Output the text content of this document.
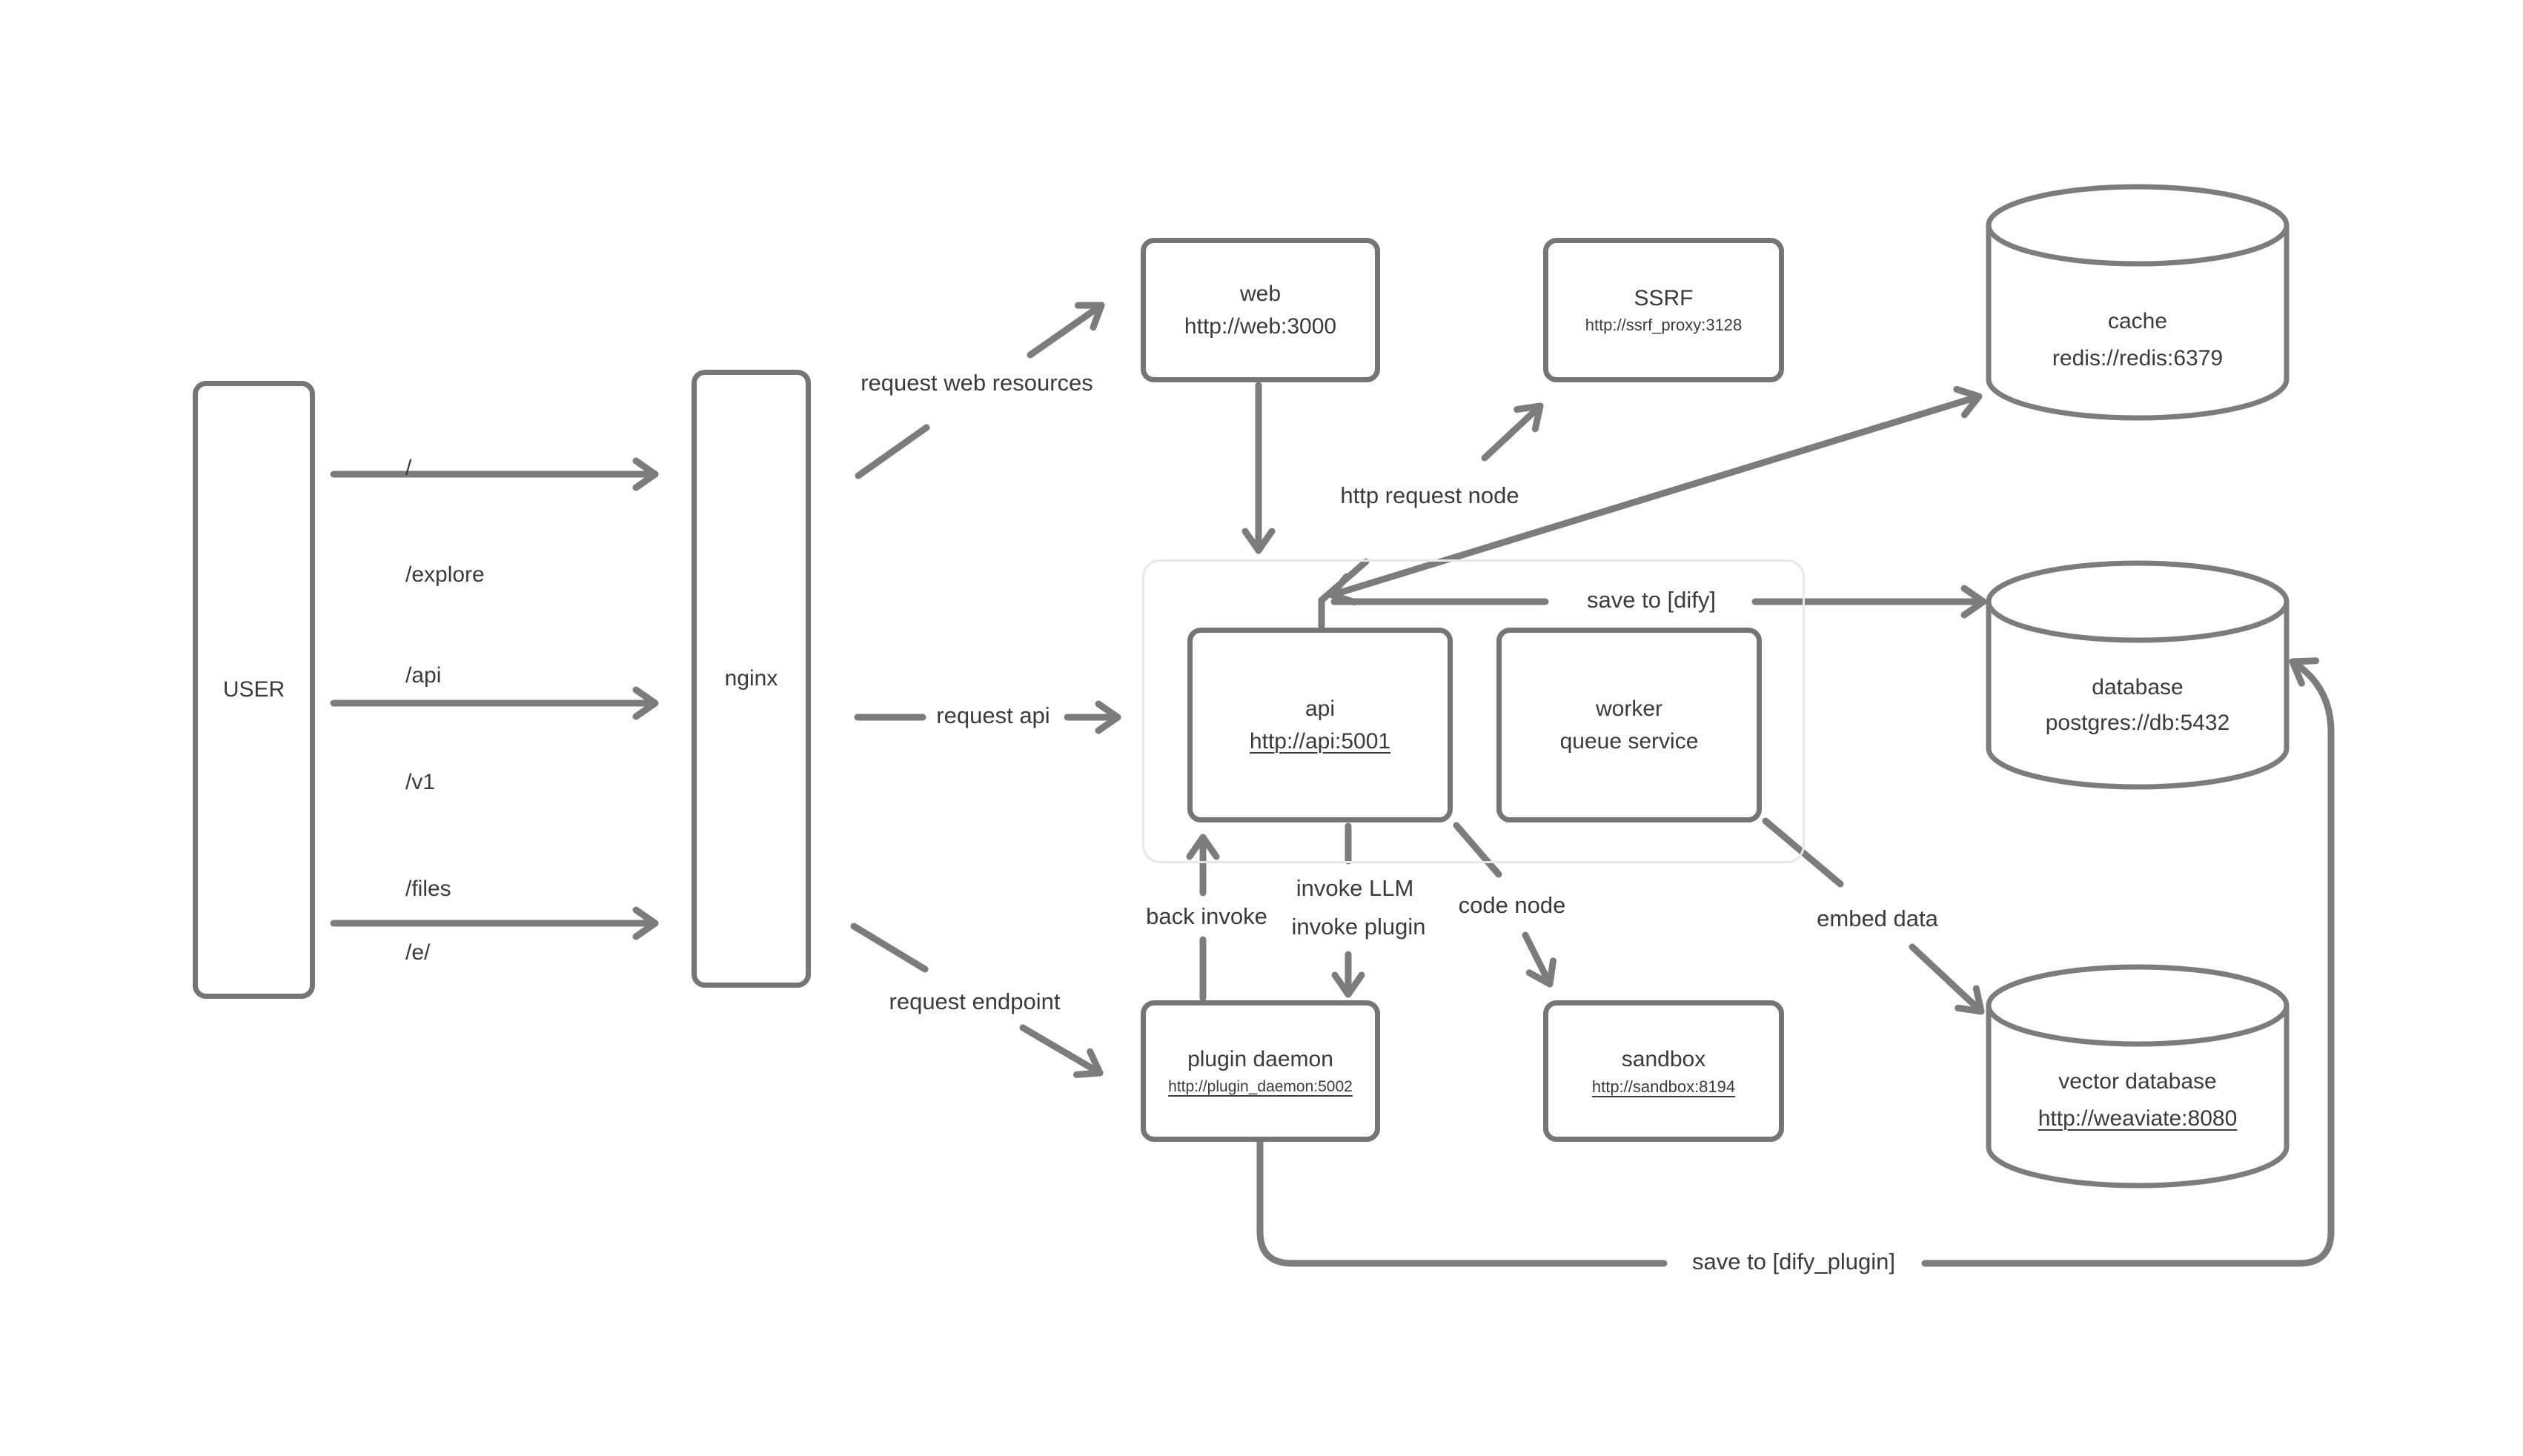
USER	nginx
web
http://web:3000
SSRF
http://ssrf_proxy:3128
api
http://api:5001
worker
queue service
plugin daemon
http://plugin_daemon:5002
sandbox
http://sandbox:8194
cache
redis://redis:6379
database
postgres://db:5432
vector database
http://weaviate:8080

/

/explore

/api

/v1

/files

/e/

request web resources
request api
request endpoint
http request node
save to [dify]
back invoke
invoke LLM
invoke plugin
code node
embed data
save to [dify_plugin]
